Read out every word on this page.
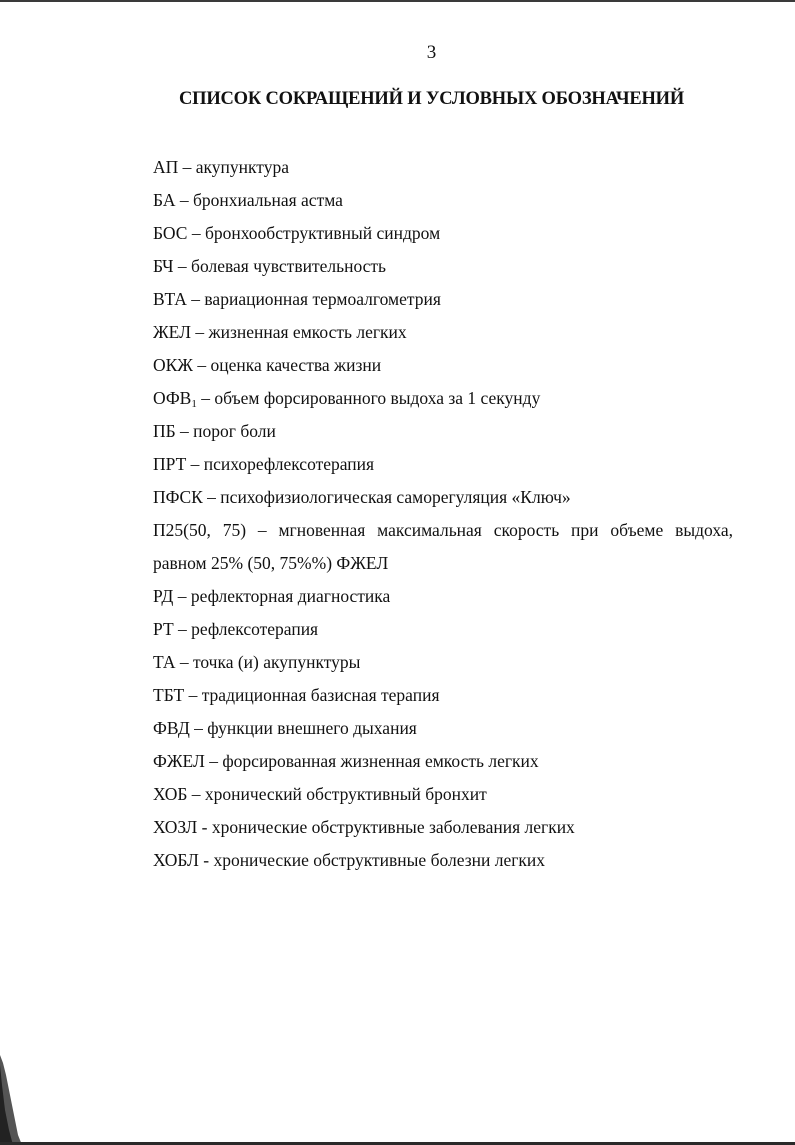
3
СПИСОК СОКРАЩЕНИЙ И УСЛОВНЫХ ОБОЗНАЧЕНИЙ
АП – акупунктура
БА – бронхиальная астма
БОС – бронхообструктивный синдром
БЧ – болевая чувствительность
ВТА – вариационная термоалгометрия
ЖЕЛ – жизненная емкость легких
ОКЖ – оценка качества жизни
ОФВ1 – объем форсированного выдоха за 1 секунду
ПБ – порог боли
ПРТ – психорефлексотерапия
ПФСК – психофизиологическая саморегуляция «Ключ»
П25(50, 75) – мгновенная максимальная скорость при объеме выдоха,
равном 25% (50, 75%%) ФЖЕЛ
РД – рефлекторная диагностика
РТ – рефлексотерапия
ТА – точка (и) акупунктуры
ТБТ – традиционная базисная терапия
ФВД – функции внешнего дыхания
ФЖЕЛ – форсированная жизненная емкость легких
ХОБ – хронический обструктивный бронхит
ХОЗЛ - хронические обструктивные заболевания легких
ХОБЛ - хронические обструктивные болезни легких
